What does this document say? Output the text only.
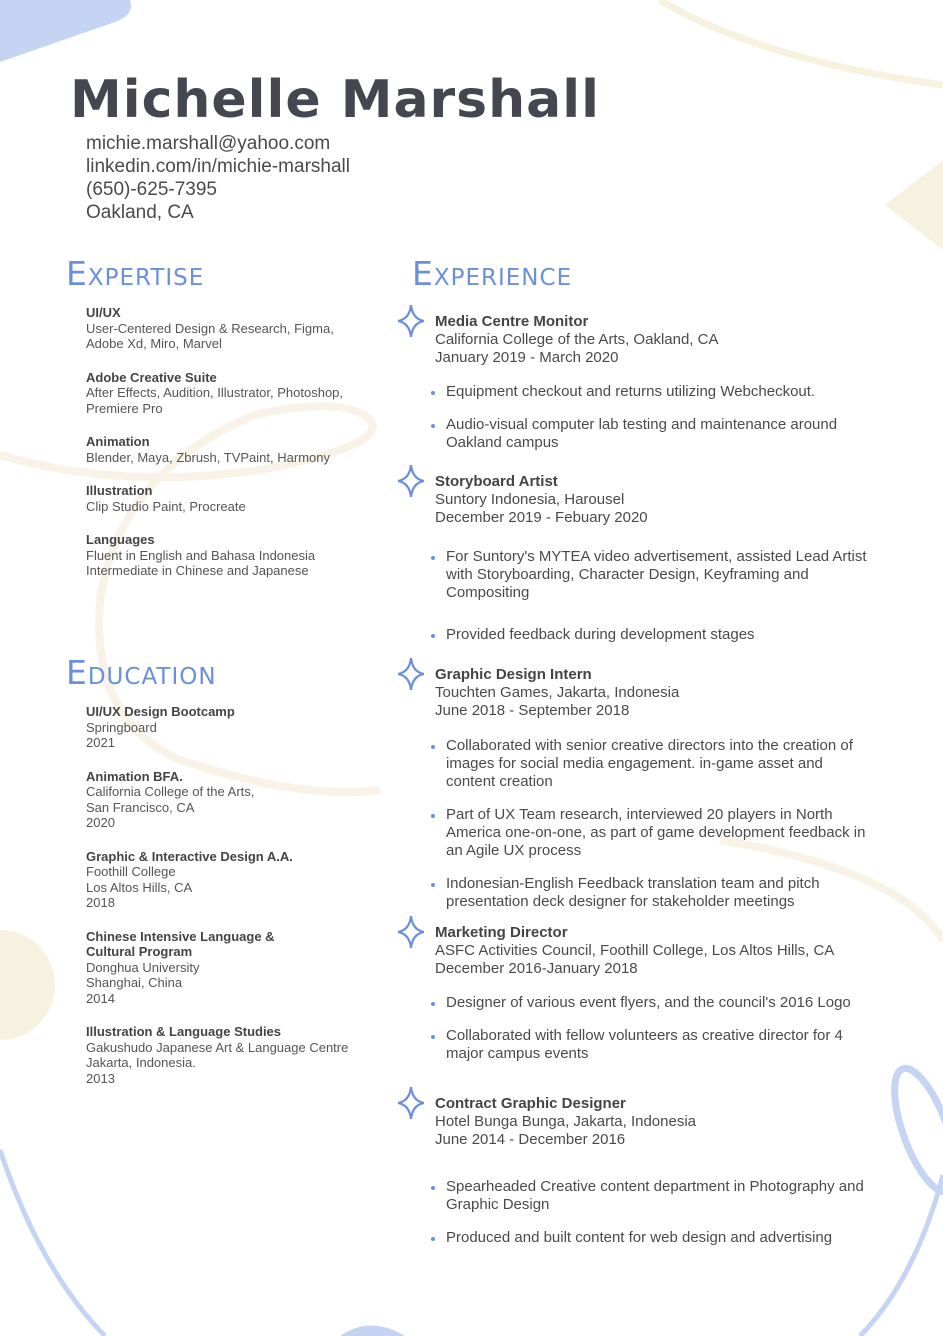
Michelle Marshall
michie.marshall@yahoo.com
linkedin.com/in/michie-marshall
(650)-625-7395
Oakland, CA
Expertise
UI/UX
User-Centered Design & Research, Figma,
Adobe Xd, Miro, Marvel
Adobe Creative Suite
After Effects, Audition, Illustrator, Photoshop,
Premiere Pro
Animation
Blender, Maya, Zbrush, TVPaint, Harmony
Illustration
Clip Studio Paint, Procreate
Languages
Fluent in English and Bahasa Indonesia
Intermediate in Chinese and Japanese
Education
UI/UX Design Bootcamp
Springboard
2021
Animation BFA.
California College of the Arts,
San Francisco, CA
2020
Graphic & Interactive Design A.A.
Foothill College
Los Altos Hills, CA
2018
Chinese Intensive Language & Cultural Program
Donghua University
Shanghai, China
2014
Illustration & Language Studies
Gakushudo Japanese Art & Language Centre
Jakarta, Indonesia.
2013
Experience
Media Centre Monitor
California College of the Arts, Oakland, CA
January 2019 - March 2020
Equipment checkout and returns utilizing Webcheckout.
Audio-visual computer lab testing and maintenance around Oakland campus
Storyboard Artist
Suntory Indonesia, Harousel
December 2019 - Febuary 2020
For Suntory's MYTEA video advertisement, assisted Lead Artist with Storyboarding, Character Design, Keyframing and Compositing
Provided feedback during development stages
Graphic Design Intern
Touchten Games, Jakarta, Indonesia
June 2018 - September 2018
Collaborated with senior creative directors into the creation of images for social media engagement. in-game asset and content creation
Part of UX Team research, interviewed 20 players in North America one-on-one, as part of game development feedback in an Agile UX process
Indonesian-English Feedback translation team and pitch presentation deck designer for stakeholder meetings
Marketing Director
ASFC Activities Council, Foothill College, Los Altos Hills, CA
December 2016-January 2018
Designer of various event flyers, and the council's 2016 Logo
Collaborated with fellow volunteers as creative director for 4 major campus events
Contract Graphic Designer
Hotel Bunga Bunga, Jakarta, Indonesia
June 2014 - December 2016
Spearheaded Creative content department in Photography and Graphic Design
Produced and built content for web design and advertising
